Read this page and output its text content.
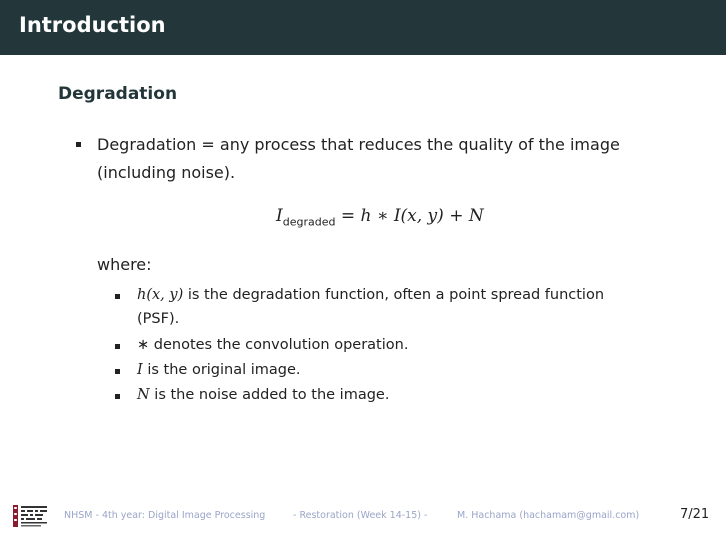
Introduction
Degradation
Degradation = any process that reduces the quality of the image
(including noise).
$I_{degraded} = h$ ∗ I(x, y) + N
where:
h(x, y) is the degradation function, often a point spread function
(PSF).
∗ denotes the convolution operation.
I is the original image.
N is the noise added to the image.
NHSM - 4th year: Digital Image Processing	- Restoration (Week 14-15) -	M. Hachama (hachamam@gmail.com)	7/21
